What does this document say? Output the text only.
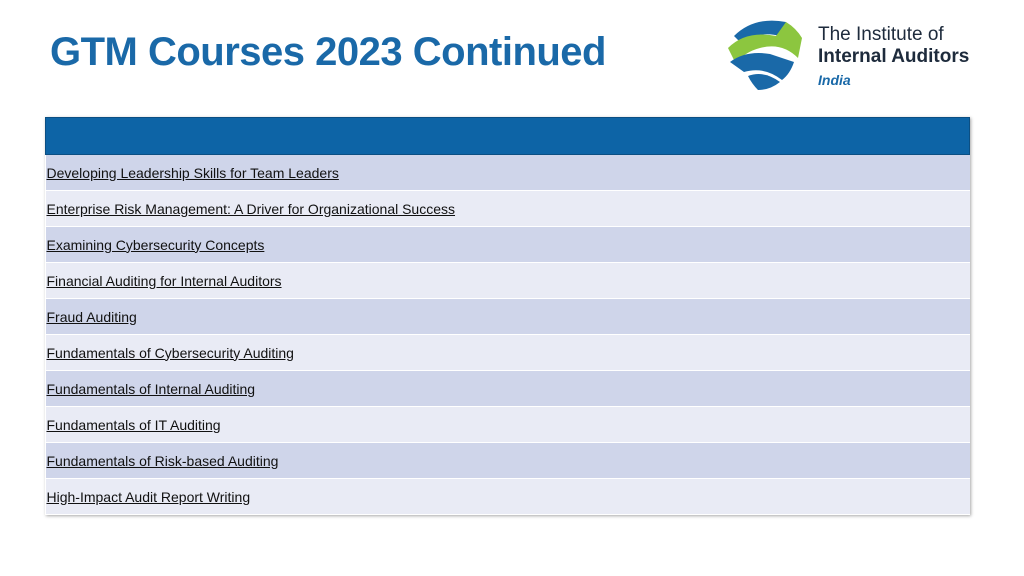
GTM Courses 2023 Continued	The Institute of
Internal Auditors
India

Developing Leadership Skills for Team Leaders
Enterprise Risk Management: A Driver for Organizational Success
Examining Cybersecurity Concepts
Financial Auditing for Internal Auditors
Fraud Auditing
Fundamentals of Cybersecurity Auditing
Fundamentals of Internal Auditing
Fundamentals of IT Auditing
Fundamentals of Risk-based Auditing
High-Impact Audit Report Writing
